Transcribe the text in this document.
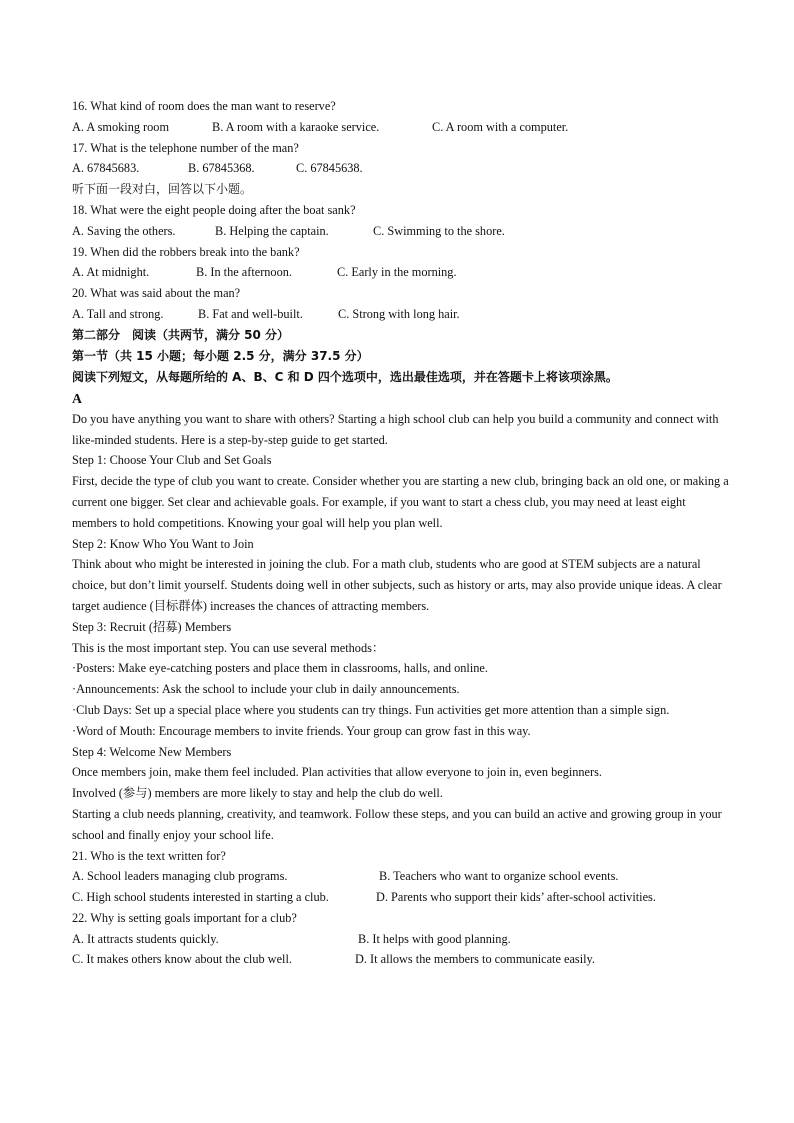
16. What kind of room does the man want to reserve?
A. A smoking room	B. A room with a karaoke service.	C. A room with a computer.
17. What is the telephone number of the man?
A. 67845683.	B. 67845368.	C. 67845638.
听下面一段对白，回答以下小题。
18. What were the eight people doing after the boat sank?
A. Saving the others.	B. Helping the captain.	C. Swimming to the shore.
19. When did the robbers break into the bank?
A. At midnight.	B. In the afternoon.	C. Early in the morning.
20. What was said about the man?
A. Tall and strong.	B. Fat and well-built.	C. Strong with long hair.
第二部分　阅读（共两节，满分 50 分）
第一节（共 15 小题；每小题 2.5 分，满分 37.5 分）
阅读下列短文，从每题所给的 A、B、C 和 D 四个选项中，选出最佳选项，并在答题卡上将该项涂黑。
A
Do you have anything you want to share with others? Starting a high school club can help you build a community and connect with like-minded students. Here is a step-by-step guide to get started.
Step 1: Choose Your Club and Set Goals
First, decide the type of club you want to create. Consider whether you are starting a new club, bringing back an old one, or making a current one bigger. Set clear and achievable goals. For example, if you want to start a chess club, you may need at least eight members to hold competitions. Knowing your goal will help you plan well.
Step 2: Know Who You Want to Join
Think about who might be interested in joining the club. For a math club, students who are good at STEM subjects are a natural choice, but don’t limit yourself. Students doing well in other subjects, such as history or arts, may also provide unique ideas. A clear target audience (目标群体) increases the chances of attracting members.
Step 3: Recruit (招募) Members
This is the most important step. You can use several methods：
·Posters: Make eye-catching posters and place them in classrooms, halls, and online.
·Announcements: Ask the school to include your club in daily announcements.
·Club Days: Set up a special place where you students can try things. Fun activities get more attention than a simple sign.
·Word of Mouth: Encourage members to invite friends. Your group can grow fast in this way.
Step 4: Welcome New Members
Once members join, make them feel included. Plan activities that allow everyone to join in, even beginners.
Involved (参与) members are more likely to stay and help the club do well.
Starting a club needs planning, creativity, and teamwork. Follow these steps, and you can build an active and growing group in your school and finally enjoy your school life.
21. Who is the text written for?
A. School leaders managing club programs.	B. Teachers who want to organize school events.
C. High school students interested in starting a club.	D. Parents who support their kids’ after-school activities.
22. Why is setting goals important for a club?
A. It attracts students quickly.	B. It helps with good planning.
C. It makes others know about the club well.	D. It allows the members to communicate easily.
